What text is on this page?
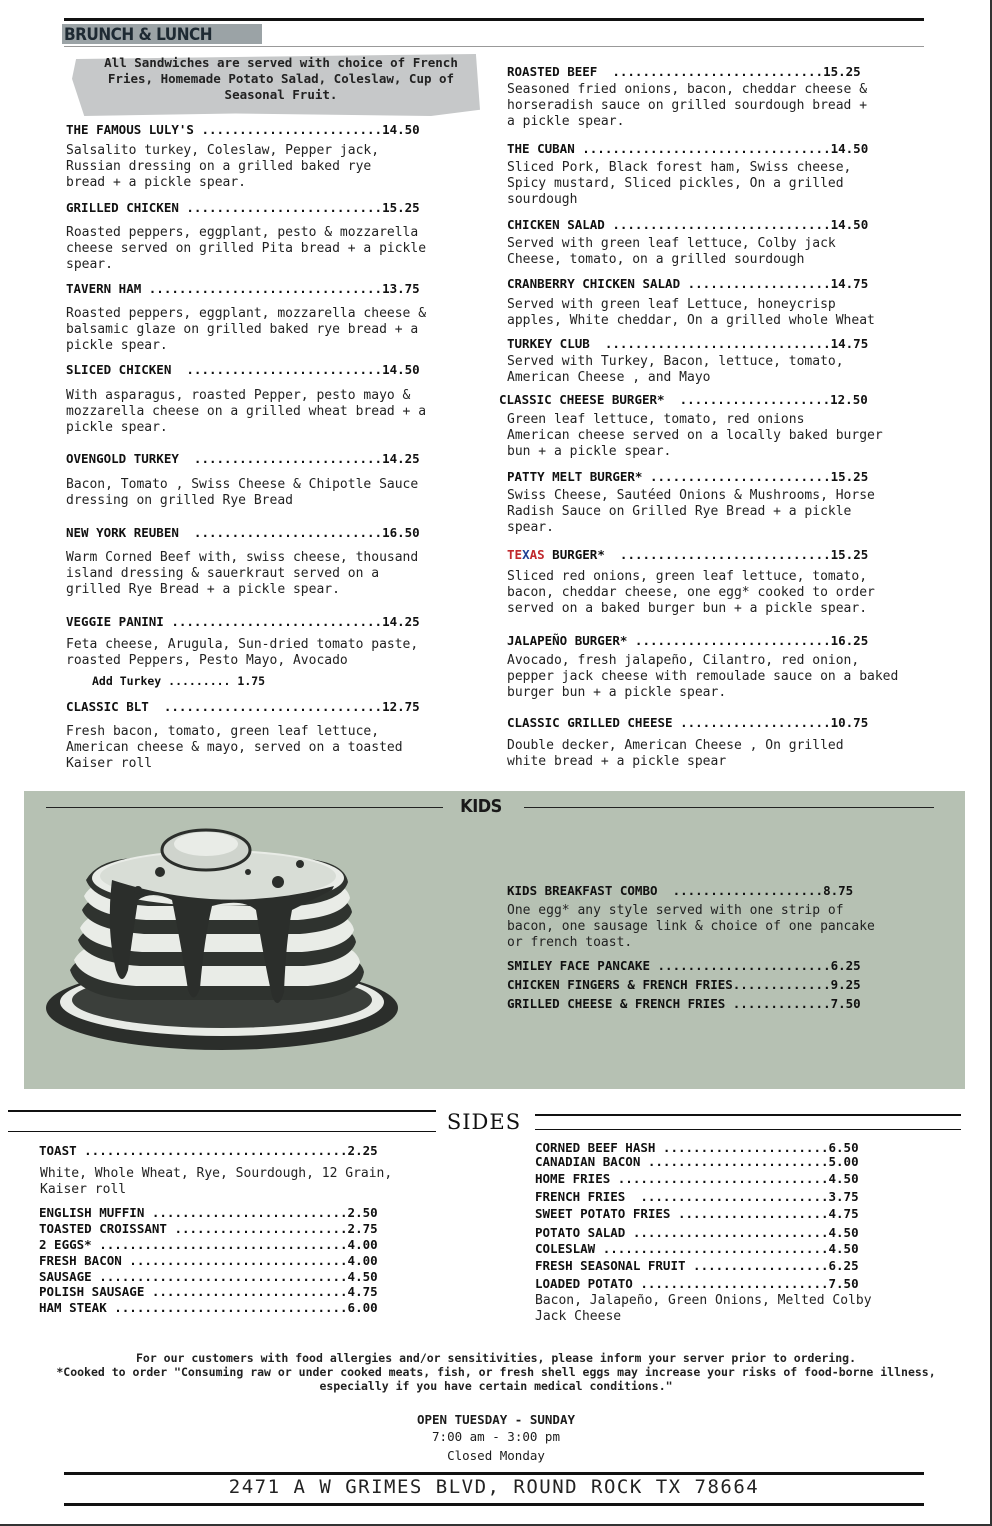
BRUNCH & LUNCH
All Sandwiches are served with choice of French Fries, Homemade Potato Salad, Coleslaw, Cup of Seasonal Fruit.
THE FAMOUS LULY'S ........................14.50
Salsalito turkey, Coleslaw, Pepper jack,
Russian dressing on a grilled baked rye
bread + a pickle spear.
GRILLED CHICKEN ..........................15.25
Roasted peppers, eggplant, pesto & mozzarella
cheese served on grilled Pita bread + a pickle
spear.
TAVERN HAM ...............................13.75
Roasted peppers, eggplant, mozzarella cheese &
balsamic glaze on grilled baked rye bread + a
pickle spear.
SLICED CHICKEN  ..........................14.50
With asparagus, roasted Pepper, pesto mayo &
mozzarella cheese on a grilled wheat bread + a
pickle spear.
OVENGOLD TURKEY  .........................14.25
Bacon, Tomato , Swiss Cheese & Chipotle Sauce
dressing on grilled Rye Bread
NEW YORK REUBEN  .........................16.50
Warm Corned Beef with, swiss cheese, thousand
island dressing & sauerkraut served on a
grilled Rye Bread + a pickle spear.
VEGGIE PANINI ............................14.25
Feta cheese, Arugula, Sun-dried tomato paste,
roasted Peppers, Pesto Mayo, Avocado
Add Turkey ......... 1.75
CLASSIC BLT  .............................12.75
Fresh bacon, tomato, green leaf lettuce,
American cheese & mayo, served on a toasted
Kaiser roll
ROASTED BEEF  ............................15.25
Seasoned fried onions, bacon, cheddar cheese &
horseradish sauce on grilled sourdough bread +
a pickle spear.
THE CUBAN .................................14.50
Sliced Pork, Black forest ham, Swiss cheese,
Spicy mustard, Sliced pickles, On a grilled
sourdough
CHICKEN SALAD .............................14.50
Served with green leaf lettuce, Colby jack
Cheese, tomato, on a grilled sourdough
CRANBERRY CHICKEN SALAD ...................14.75
Served with green leaf Lettuce, honeycrisp
apples, White cheddar, On a grilled whole Wheat
TURKEY CLUB  ..............................14.75
Served with Turkey, Bacon, lettuce, tomato,
American Cheese , and Mayo
CLASSIC CHEESE BURGER*  ....................12.50
Green leaf lettuce, tomato, red onions
American cheese served on a locally baked burger
bun + a pickle spear.
PATTY MELT BURGER* ........................15.25
Swiss Cheese, Sautéed Onions & Mushrooms, Horse
Radish Sauce on Grilled Rye Bread + a pickle
spear.
TEXAS BURGER*  ............................15.25
Sliced red onions, green leaf lettuce, tomato,
bacon, cheddar cheese, one egg* cooked to order
served on a baked burger bun + a pickle spear.
JALAPEÑO BURGER* ..........................16.25
Avocado, fresh jalapeño, Cilantro, red onion,
pepper jack cheese with remoulade sauce on a baked
burger bun + a pickle spear.
CLASSIC GRILLED CHEESE ....................10.75
Double decker, American Cheese , On grilled
white bread + a pickle spear
KIDS
KIDS BREAKFAST COMBO  ....................8.75
One egg* any style served with one strip of
bacon, one sausage link & choice of one pancake
or french toast.
SMILEY FACE PANCAKE .......................6.25
CHICKEN FINGERS & FRENCH FRIES.............9.25
GRILLED CHEESE & FRENCH FRIES .............7.50
SIDES
TOAST ...................................2.25
White, Whole Wheat, Rye, Sourdough, 12 Grain,
Kaiser roll
ENGLISH MUFFIN ..........................2.50
TOASTED CROISSANT .......................2.75
2 EGGS* .................................4.00
FRESH BACON .............................4.00
SAUSAGE .................................4.50
POLISH SAUSAGE ..........................4.75
HAM STEAK ...............................6.00
CORNED BEEF HASH ......................6.50
CANADIAN BACON ........................5.00
HOME FRIES ............................4.50
FRENCH FRIES  .........................3.75
SWEET POTATO FRIES ....................4.75
POTATO SALAD ..........................4.50
COLESLAW ..............................4.50
FRESH SEASONAL FRUIT ..................6.25
LOADED POTATO .........................7.50
Bacon, Jalapeño, Green Onions, Melted Colby
Jack Cheese
For our customers with food allergies and/or sensitivities, please inform your server prior to ordering.
*Cooked to order "Consuming raw or under cooked meats, fish, or fresh shell eggs may increase your risks of food-borne illness, especially if you have certain medical conditions."
OPEN TUESDAY - SUNDAY
7:00 am - 3:00 pm
Closed Monday
2471 A W GRIMES BLVD, ROUND ROCK TX 78664
